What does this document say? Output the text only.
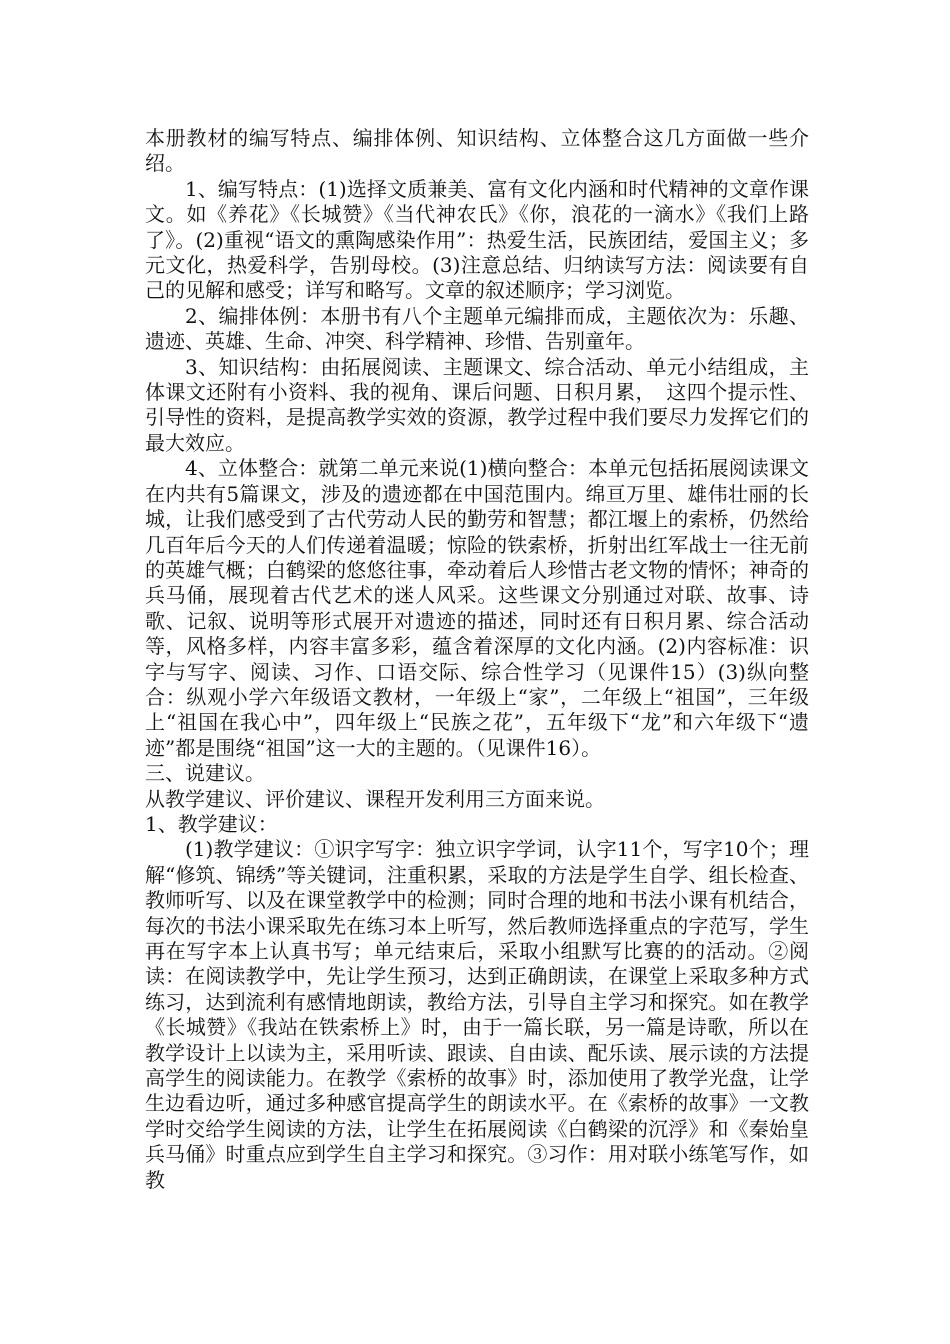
本册教材的编写特点、编排体例、知识结构、立体整合这几方面做一些介绍。

1、编写特点：(1)选择文质兼美、富有文化内涵和时代精神的文章作课文。如《养花》《长城赞》《当代神农氏》《你，浪花的一滴水》《我们上路了》。(2)重视“语文的熏陶感染作用”：热爱生活，民族团结，爱国主义；多元文化，热爱科学，告别母校。(3)注意总结、归纳读写方法：阅读要有自己的见解和感受；详写和略写。文章的叙述顺序；学习浏览。

2、编排体例：本册书有八个主题单元编排而成，主题依次为：乐趣、遗迹、英雄、生命、冲突、科学精神、珍惜、告别童年。

3、知识结构：由拓展阅读、主题课文、综合活动、单元小结组成，主体课文还附有小资料、我的视角、课后问题、日积月累，　这四个提示性、引导性的资料，是提高教学实效的资源，教学过程中我们要尽力发挥它们的最大效应。

4、立体整合：就第二单元来说(1)横向整合：本单元包括拓展阅读课文在内共有5篇课文，涉及的遗迹都在中国范围内。绵亘万里、雄伟壮丽的长城，让我们感受到了古代劳动人民的勤劳和智慧；都江堰上的索桥，仍然给几百年后今天的人们传递着温暖；惊险的铁索桥，折射出红军战士一往无前的英雄气概；白鹤梁的悠悠往事，牵动着后人珍惜古老文物的情怀；神奇的兵马俑，展现着古代艺术的迷人风采。这些课文分别通过对联、故事、诗歌、记叙、说明等形式展开对遗迹的描述，同时还有日积月累、综合活动等，风格多样，内容丰富多彩，蕴含着深厚的文化内涵。(2)内容标准：识字与写字、阅读、习作、口语交际、综合性学习（见课件15）(3)纵向整合：纵观小学六年级语文教材，一年级上“家”，二年级上“祖国”，三年级上“祖国在我心中”，四年级上“民族之花”，五年级下“龙”和六年级下“遗迹”都是围绕“祖国”这一大的主题的。（见课件16）。

三、说建议。

从教学建议、评价建议、课程开发利用三方面来说。

1、教学建议：

(1)教学建议：①识字写字：独立识字学词，认字11个，写字10个；理解“修筑、锦绣”等关键词，注重积累，采取的方法是学生自学、组长检查、教师听写、以及在课堂教学中的检测；同时合理的地和书法小课有机结合，每次的书法小课采取先在练习本上听写，然后教师选择重点的字范写，学生再在写字本上认真书写；单元结束后，采取小组默写比赛的的活动。②阅读：在阅读教学中，先让学生预习，达到正确朗读，在课堂上采取多种方式练习，达到流利有感情地朗读，教给方法，引导自主学习和探究。如在教学《长城赞》《我站在铁索桥上》时，由于一篇长联，另一篇是诗歌，所以在教学设计上以读为主，采用听读、跟读、自由读、配乐读、展示读的方法提高学生的阅读能力。在教学《索桥的故事》时，添加使用了教学光盘，让学生边看边听，通过多种感官提高学生的朗读水平。在《索桥的故事》一文教学时交给学生阅读的方法，让学生在拓展阅读《白鹤梁的沉浮》和《秦始皇兵马俑》时重点应到学生自主学习和探究。③习作：用对联小练笔写作，如教
